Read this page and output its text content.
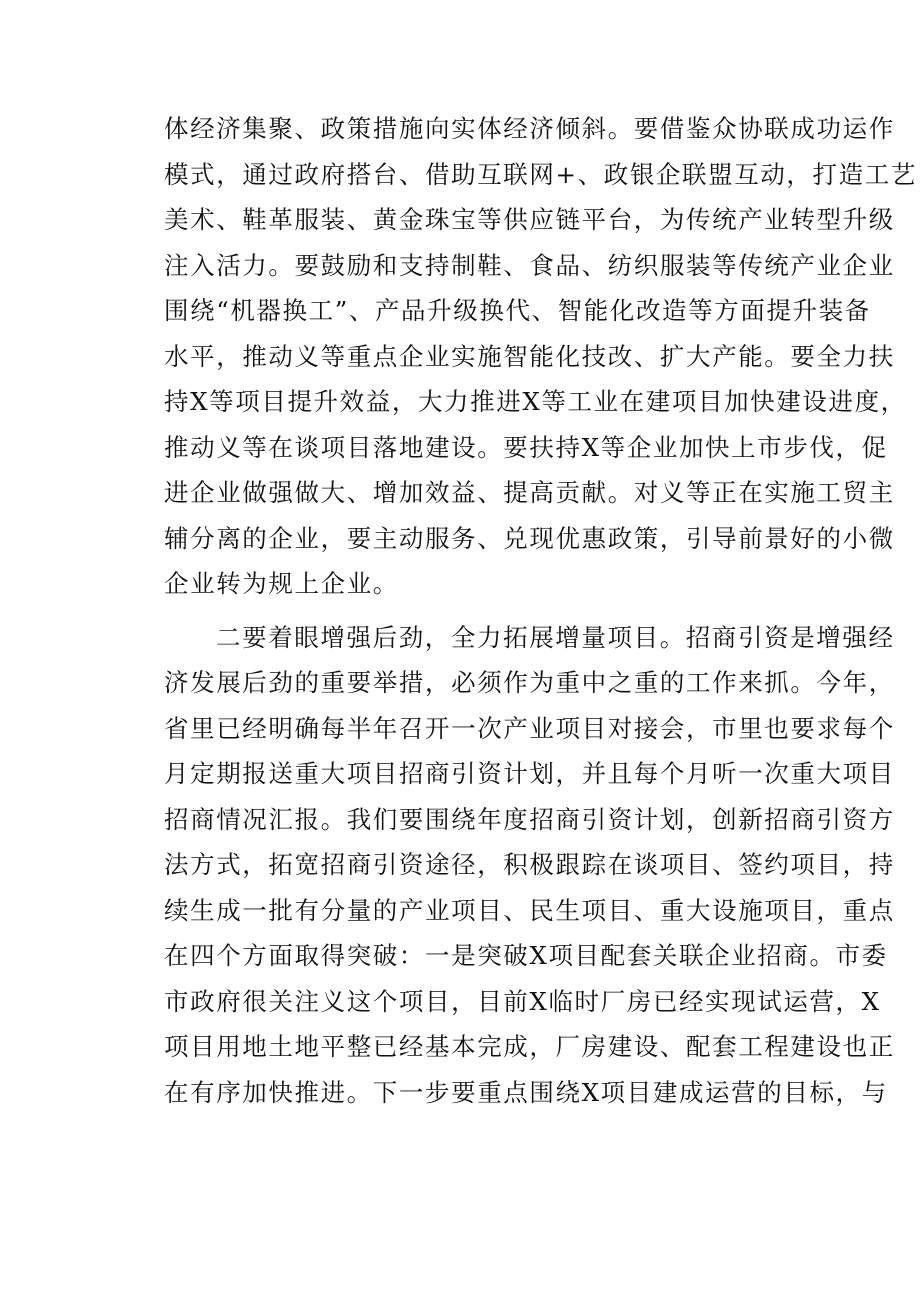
体经济集聚、政策措施向实体经济倾斜。要借鉴众协联成功运作
模式，通过政府搭台、借助互联网+、政银企联盟互动，打造工艺
美术、鞋革服装、黄金珠宝等供应链平台，为传统产业转型升级
注入活力。要鼓励和支持制鞋、食品、纺织服装等传统产业企业
围绕“机器换工”、产品升级换代、智能化改造等方面提升装备
水平，推动义等重点企业实施智能化技改、扩大产能。要全力扶
持X等项目提升效益，大力推进X等工业在建项目加快建设进度，
推动义等在谈项目落地建设。要扶持X等企业加快上市步伐，促
进企业做强做大、增加效益、提高贡献。对义等正在实施工贸主
辅分离的企业，要主动服务、兑现优惠政策，引导前景好的小微
企业转为规上企业。
二要着眼增强后劲，全力拓展增量项目。招商引资是增强经
济发展后劲的重要举措，必须作为重中之重的工作来抓。今年，
省里已经明确每半年召开一次产业项目对接会，市里也要求每个
月定期报送重大项目招商引资计划，并且每个月听一次重大项目
招商情况汇报。我们要围绕年度招商引资计划，创新招商引资方
法方式，拓宽招商引资途径，积极跟踪在谈项目、签约项目，持
续生成一批有分量的产业项目、民生项目、重大设施项目，重点
在四个方面取得突破：一是突破X项目配套关联企业招商。市委
市政府很关注义这个项目，目前X临时厂房已经实现试运营，X
项目用地土地平整已经基本完成，厂房建设、配套工程建设也正
在有序加快推进。下一步要重点围绕X项目建成运营的目标，与
